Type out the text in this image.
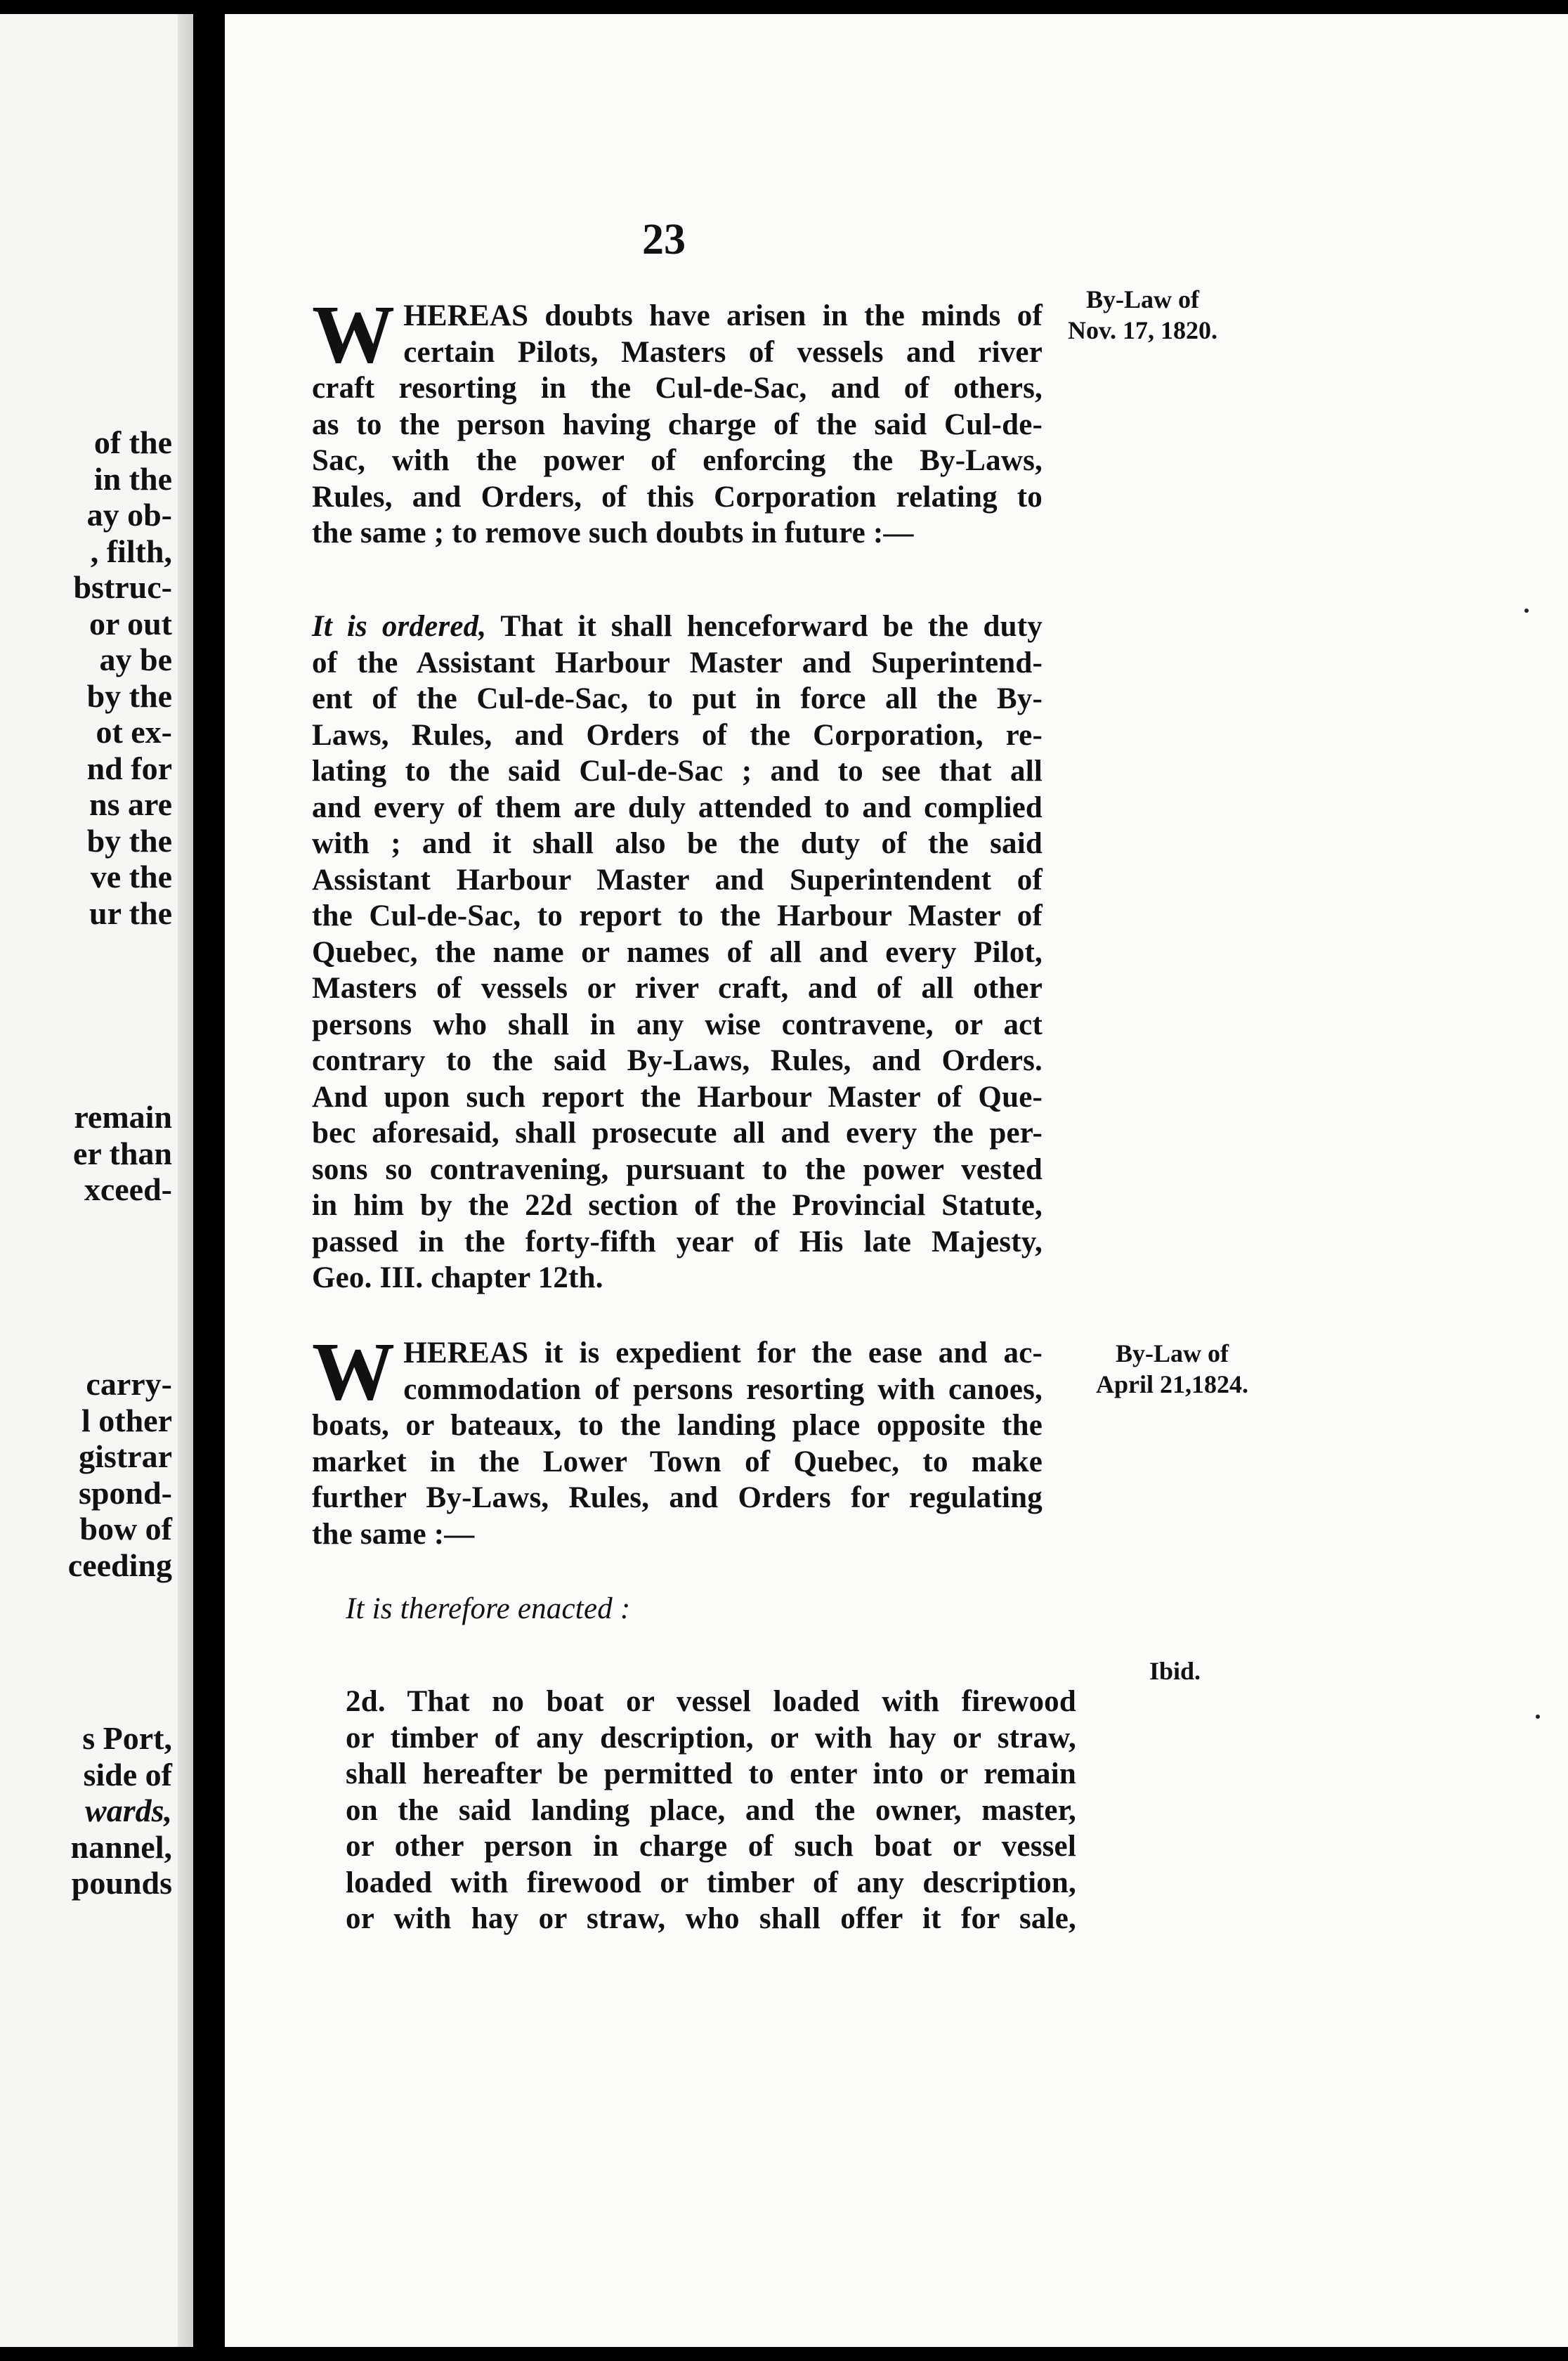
of the
in the
ay ob-
, filth,
bstruc-
or out
ay be
by the
ot ex-
nd for
ns are
by the
ve the
ur the
remain
er than
xceed-
carry-
l other
gistrar
spond-
bow of
ceeding
s Port,
side of
wards,
nannel,
pounds
23
By-Law of
Nov. 17, 1820.
By-Law of
April 21,1824.
Ibid.
W HEREAS doubts have arisen in the minds of
certain Pilots, Masters of vessels and river
craft resorting in the Cul-de-Sac, and of others,
as to the person having charge of the said Cul-de-
Sac, with the power of enforcing the By-Laws,
Rules, and Orders, of this Corporation relating to
the same ; to remove such doubts in future :—
It is ordered, That it shall henceforward be the duty
of the Assistant Harbour Master and Superintend-
ent of the Cul-de-Sac, to put in force all the By-
Laws, Rules, and Orders of the Corporation, re-
lating to the said Cul-de-Sac ; and to see that all
and every of them are duly attended to and complied
with ; and it shall also be the duty of the said
Assistant Harbour Master and Superintendent of
the Cul-de-Sac, to report to the Harbour Master of
Quebec, the name or names of all and every Pilot,
Masters of vessels or river craft, and of all other
persons who shall in any wise contravene, or act
contrary to the said By-Laws, Rules, and Orders.
And upon such report the Harbour Master of Que-
bec aforesaid, shall prosecute all and every the per-
sons so contravening, pursuant to the power vested
in him by the 22d section of the Provincial Statute,
passed in the forty-fifth year of His late Majesty,
Geo. III. chapter 12th.
W HEREAS it is expedient for the ease and ac-
commodation of persons resorting with canoes,
boats, or bateaux, to the landing place opposite the
market in the Lower Town of Quebec, to make
further By-Laws, Rules, and Orders for regulating
the same :—
It is therefore enacted :
2d. That no boat or vessel loaded with firewood
or timber of any description, or with hay or straw,
shall hereafter be permitted to enter into or remain
on the said landing place, and the owner, master,
or other person in charge of such boat or vessel
loaded with firewood or timber of any description,
or with hay or straw, who shall offer it for sale,
